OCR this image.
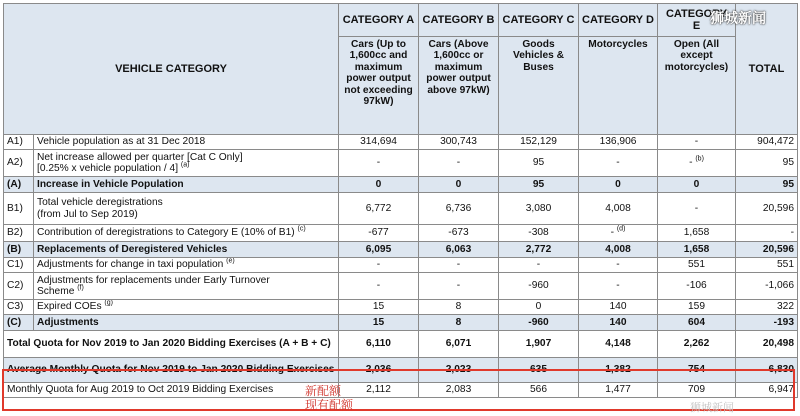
VEHICLE CATEGORY		CATEGORY A	CATEGORY B	CATEGORY C	CATEGORY D	CATEGORY E	TOTAL
		Cars (Up to 1,600cc and maximum power output not exceeding 97kW)	Cars (Above 1,600cc or maximum power output above 97kW)	Goods Vehicles & Buses	Motorcycles	Open (All except motorcycles)	
A1)	Vehicle population as at 31 Dec 2018	314,694	300,743	152,129	136,906	-	904,472
A2)	Net increase allowed per quarter [Cat C Only]
[0.25% x vehicle population / 4] $^{(a)}$	-	-	95	-	- $^{(b)}$	95
(A)	Increase in Vehicle Population	0	0	95	0	0	95
B1)	Total vehicle deregistrations
(from Jul to Sep 2019)	6,772	6,736	3,080	4,008	-	20,596
B2)	Contribution of deregistrations to Category E (10% of B1) $^{(c)}$	-677	-673	-308	- $^{(d)}$	1,658	-
(B)	Replacements of Deregistered Vehicles	6,095	6,063	2,772	4,008	1,658	20,596
C1)	Adjustments for change in taxi population $^{(e)}$	-	-	-	-	551	551
C2)	Adjustments for replacements under Early Turnover
Scheme $^{(f)}$	-	-	-960	-	-106	-1,066
C3)	Expired COEs $^{(g)}$	15	8	0	140	159	322
(C)	Adjustments	15	8	-960	140	604	-193
Total Quota for Nov 2019 to Jan 2020 Bidding Exercises (A + B + C)		6,110	6,071	1,907	4,148	2,262	20,498
Average Monthly Quota for Nov 2019 to Jan 2020 Bidding Exercises		2,036	2,023	635	1,382	754	6,830
Monthly Quota for Aug 2019 to Oct 2019 Bidding Exercises		2,112	2,083	566	1,477	709	6,947
狮城新闻
新配额
现有配额	狮城新闻
